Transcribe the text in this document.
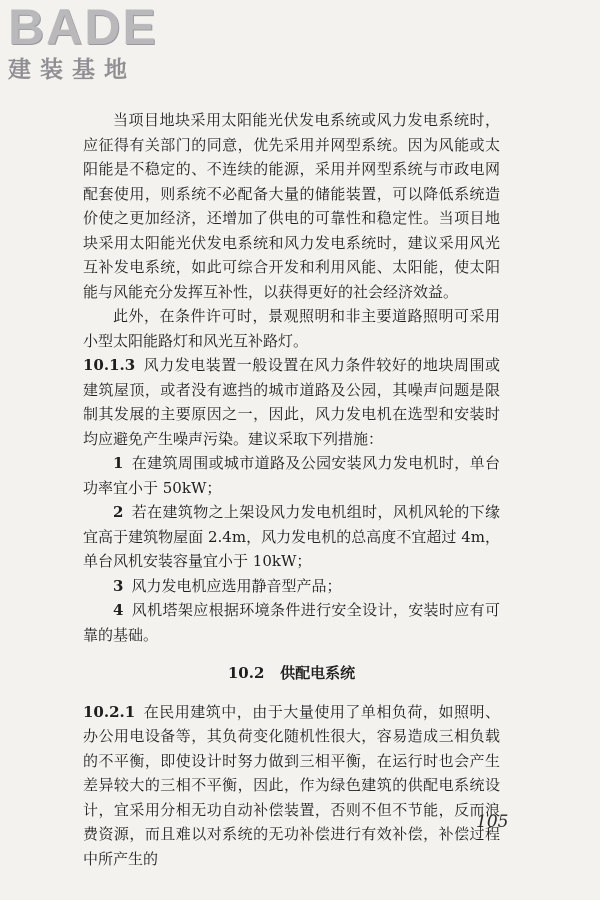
BADE
建装基地

当项目地块采用太阳能光伏发电系统或风力发电系统时，应征得有关部门的同意，优先采用并网型系统。因为风能或太阳能是不稳定的、不连续的能源，采用并网型系统与市政电网配套使用，则系统不必配备大量的储能装置，可以降低系统造价使之更加经济，还增加了供电的可靠性和稳定性。当项目地块采用太阳能光伏发电系统和风力发电系统时，建议采用风光互补发电系统，如此可综合开发和利用风能、太阳能，使太阳能与风能充分发挥互补性，以获得更好的社会经济效益。

此外，在条件许可时，景观照明和非主要道路照明可采用小型太阳能路灯和风光互补路灯。

10.1.3 风力发电装置一般设置在风力条件较好的地块周围或建筑屋顶，或者没有遮挡的城市道路及公园，其噪声问题是限制其发展的主要原因之一，因此，风力发电机在选型和安装时均应避免产生噪声污染。建议采取下列措施：

1 在建筑周围或城市道路及公园安装风力发电机时，单台功率宜小于 50kW；

2 若在建筑物之上架设风力发电机组时，风机风轮的下缘宜高于建筑物屋面 2.4m，风力发电机的总高度不宜超过 4m，单台风机安装容量宜小于 10kW；

3 风力发电机应选用静音型产品；

4 风机塔架应根据环境条件进行安全设计，安装时应有可靠的基础。

10.2 供配电系统

10.2.1 在民用建筑中，由于大量使用了单相负荷，如照明、办公用电设备等，其负荷变化随机性很大，容易造成三相负载的不平衡，即使设计时努力做到三相平衡，在运行时也会产生差异较大的三相不平衡，因此，作为绿色建筑的供配电系统设计，宜采用分相无功自动补偿装置，否则不但不节能，反而浪费资源，而且难以对系统的无功补偿进行有效补偿，补偿过程中所产生的

105
